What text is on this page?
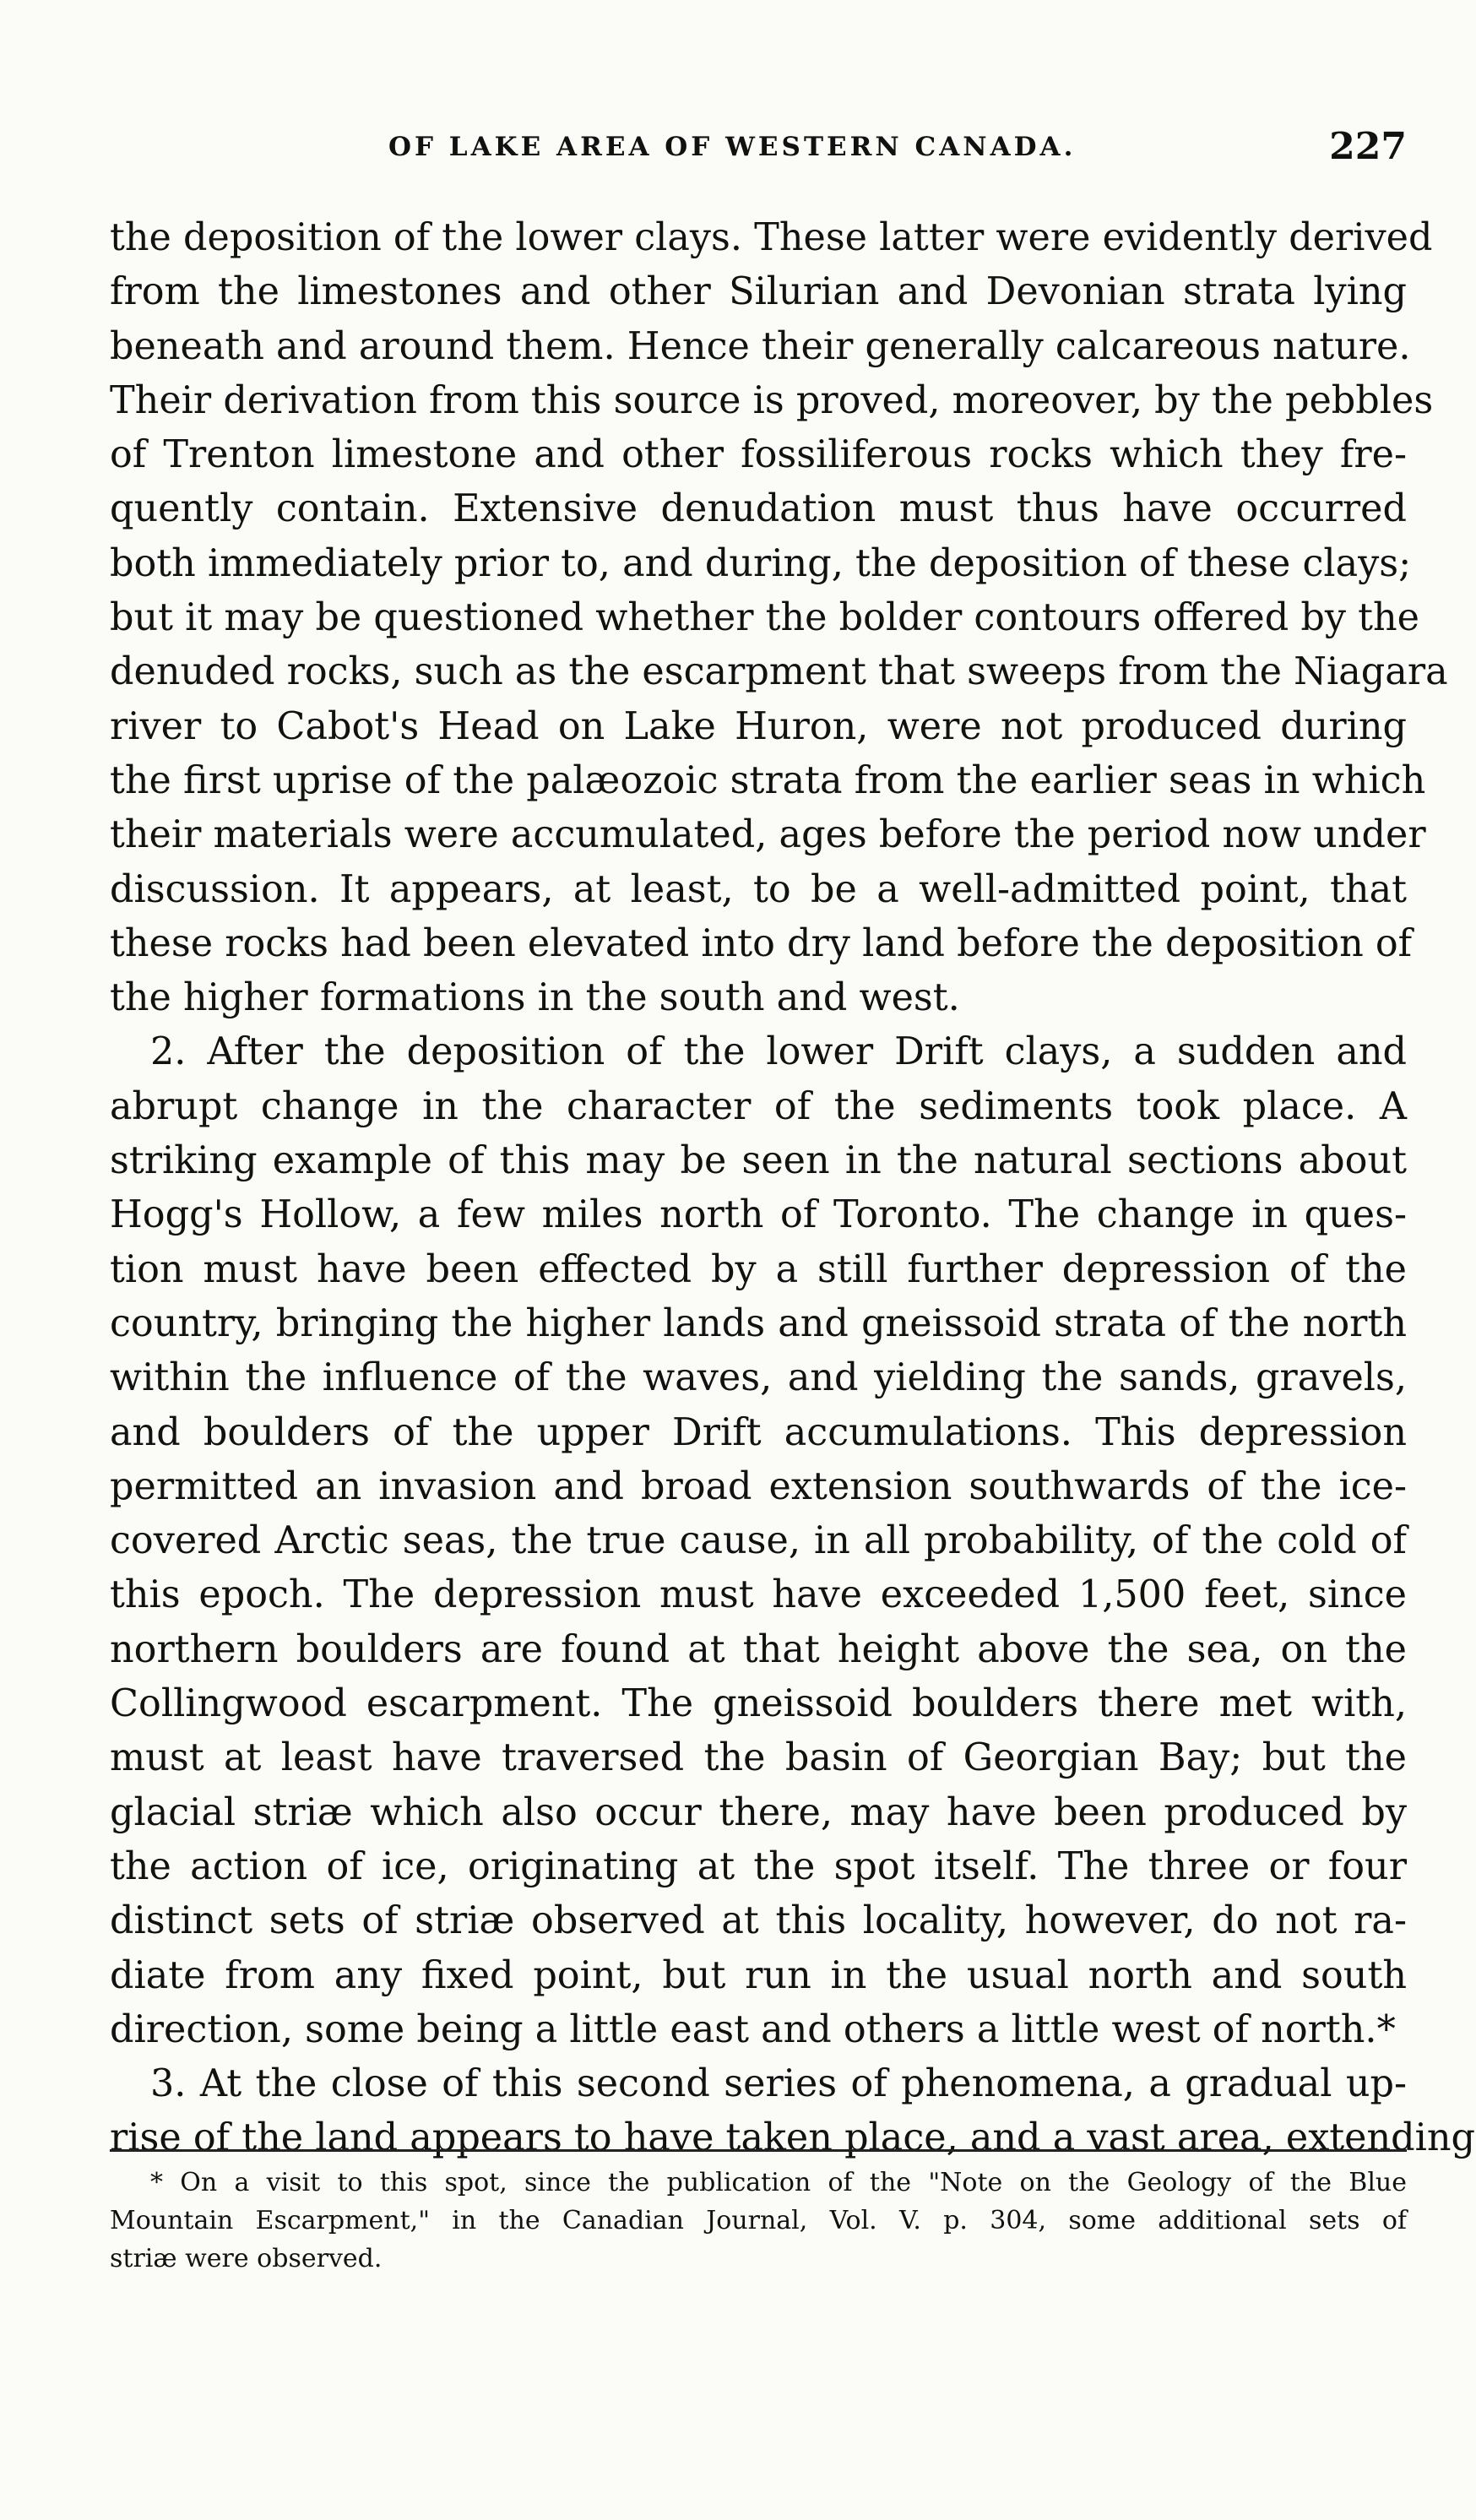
OF LAKE AREA OF WESTERN CANADA.	227
the deposition of the lower clays. These latter were evidently derived
from the limestones and other Silurian and Devonian strata lying
beneath and around them. Hence their generally calcareous nature.
Their derivation from this source is proved, moreover, by the pebbles
of Trenton limestone and other fossiliferous rocks which they fre-
quently contain. Extensive denudation must thus have occurred
both immediately prior to, and during, the deposition of these clays;
but it may be questioned whether the bolder contours offered by the
denuded rocks, such as the escarpment that sweeps from the Niagara
river to Cabot's Head on Lake Huron, were not produced during
the first uprise of the palæozoic strata from the earlier seas in which
their materials were accumulated, ages before the period now under
discussion. It appears, at least, to be a well-admitted point, that
these rocks had been elevated into dry land before the deposition of
the higher formations in the south and west.
2. After the deposition of the lower Drift clays, a sudden and
abrupt change in the character of the sediments took place. A
striking example of this may be seen in the natural sections about
Hogg's Hollow, a few miles north of Toronto. The change in ques-
tion must have been effected by a still further depression of the
country, bringing the higher lands and gneissoid strata of the north
within the influence of the waves, and yielding the sands, gravels,
and boulders of the upper Drift accumulations. This depression
permitted an invasion and broad extension southwards of the ice-
covered Arctic seas, the true cause, in all probability, of the cold of
this epoch. The depression must have exceeded 1,500 feet, since
northern boulders are found at that height above the sea, on the
Collingwood escarpment. The gneissoid boulders there met with,
must at least have traversed the basin of Georgian Bay; but the
glacial striæ which also occur there, may have been produced by
the action of ice, originating at the spot itself. The three or four
distinct sets of striæ observed at this locality, however, do not ra-
diate from any fixed point, but run in the usual north and south
direction, some being a little east and others a little west of north.*
3. At the close of this second series of phenomena, a gradual up-
rise of the land appears to have taken place, and a vast area, extending
* On a visit to this spot, since the publication of the "Note on the Geology of the Blue
Mountain Escarpment," in the Canadian Journal, Vol. V. p. 304, some additional sets of
striæ were observed.
